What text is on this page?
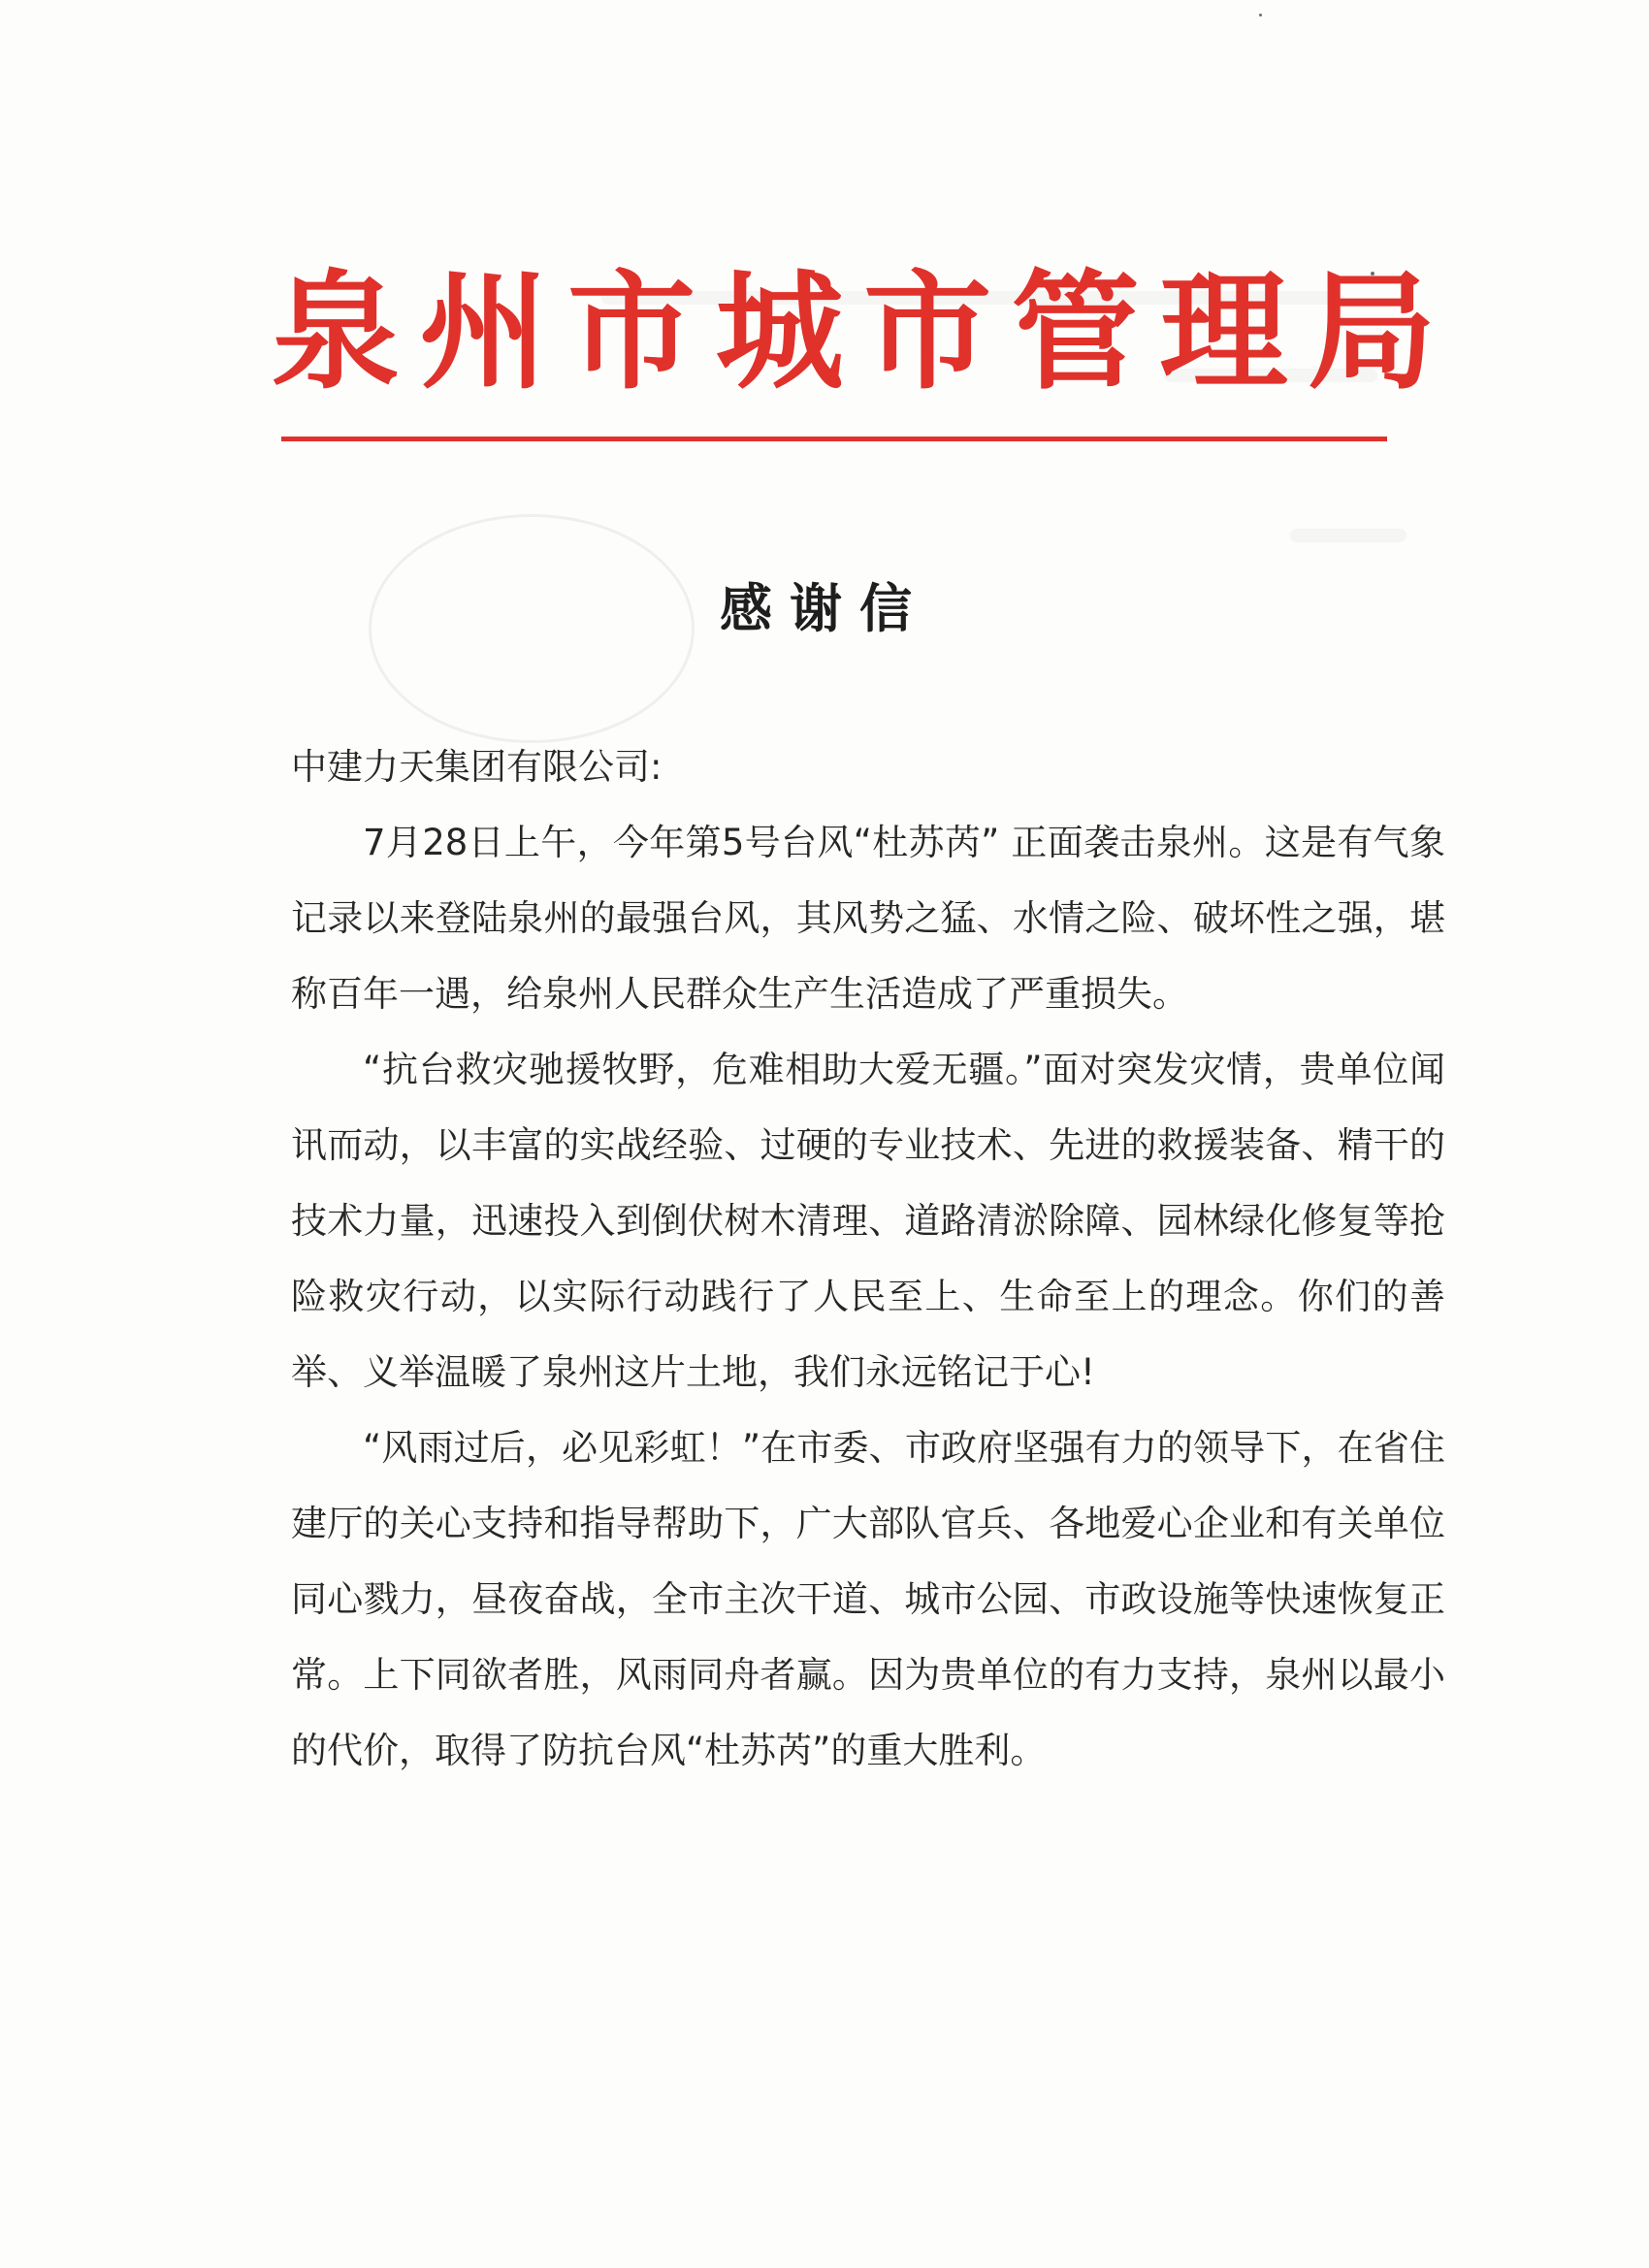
泉 州 市 城 市 管 理 局
感谢信

中建力天集团有限公司:

7月28日上午，今年第5号台风“杜苏芮” 正面袭击泉州。这是有气象记录以来登陆泉州的最强台风，其风势之猛、水情之险、破坏性之强，堪称百年一遇，给泉州人民群众生产生活造成了严重损失。

“抗台救灾驰援牧野，危难相助大爱无疆。”面对突发灾情，贵单位闻讯而动，以丰富的实战经验、过硬的专业技术、先进的救援装备、精干的技术力量，迅速投入到倒伏树木清理、道路清淤除障、园林绿化修复等抢险救灾行动，以实际行动践行了人民至上、生命至上的理念。你们的善举、义举温暖了泉州这片土地，我们永远铭记于心!

“风雨过后，必见彩虹！”在市委、市政府坚强有力的领导下，在省住建厅的关心支持和指导帮助下，广大部队官兵、各地爱心企业和有关单位同心戮力，昼夜奋战，全市主次干道、城市公园、市政设施等快速恢复正常。上下同欲者胜，风雨同舟者赢。因为贵单位的有力支持，泉州以最小的代价，取得了防抗台风“杜苏芮”的重大胜利。
